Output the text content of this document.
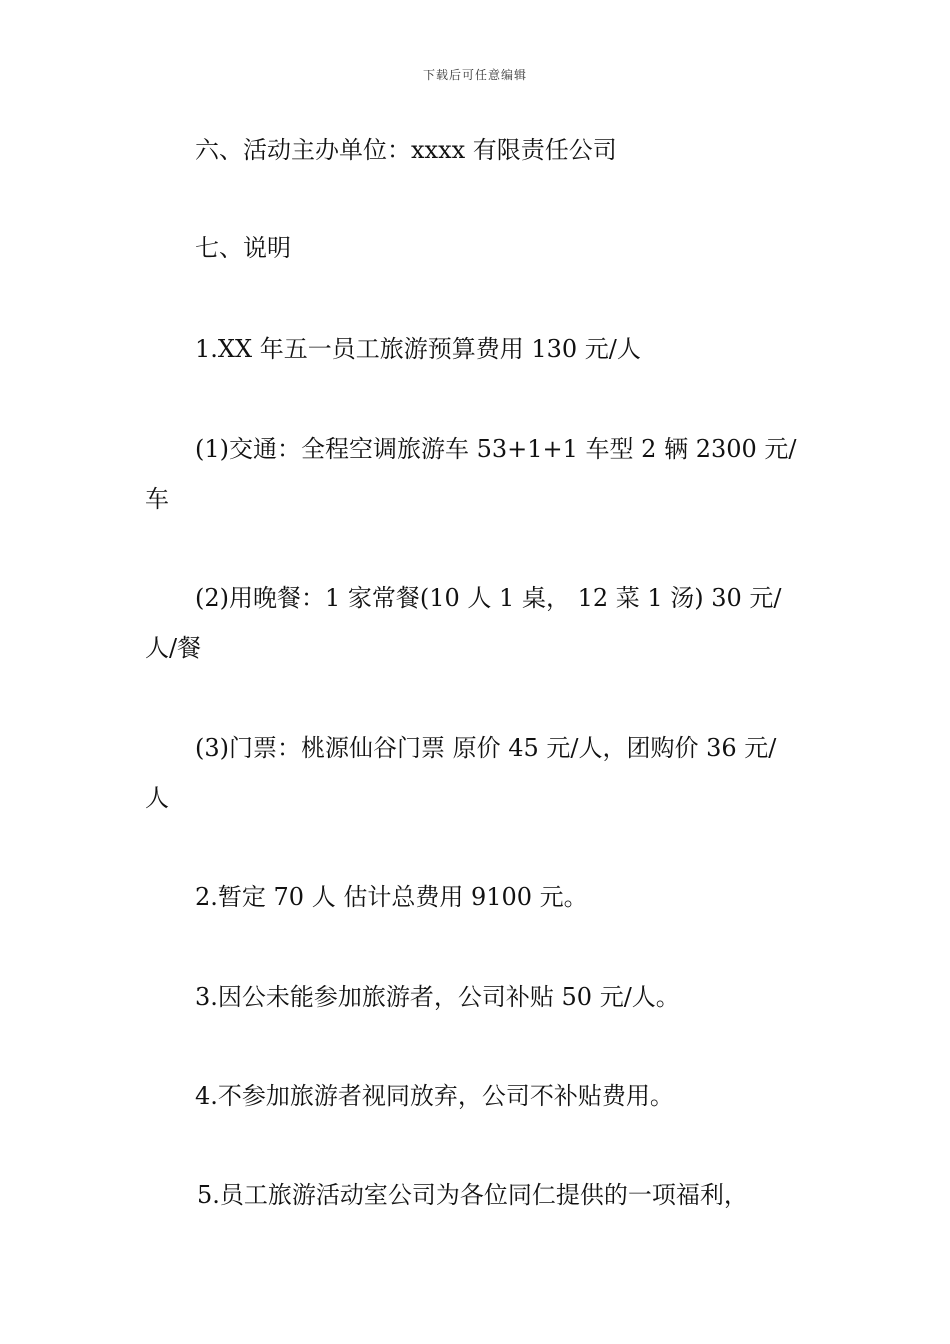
下载后可任意编辑
六、活动主办单位：xxxx 有限责任公司
七、说明
1.XX 年五一员工旅游预算费用 130 元/人
(1)交通：全程空调旅游车 53+1+1 车型 2 辆 2300 元/
车
(2)用晚餐：1 家常餐(10 人 1 桌， 12 菜 1 汤) 30 元/
人/餐
(3)门票：桃源仙谷门票 原价 45 元/人，团购价 36 元/
人
2.暂定 70 人 估计总费用 9100 元。
3.因公未能参加旅游者，公司补贴 50 元/人。
4.不参加旅游者视同放弃，公司不补贴费用。
5.员工旅游活动室公司为各位同仁提供的一项福利，
